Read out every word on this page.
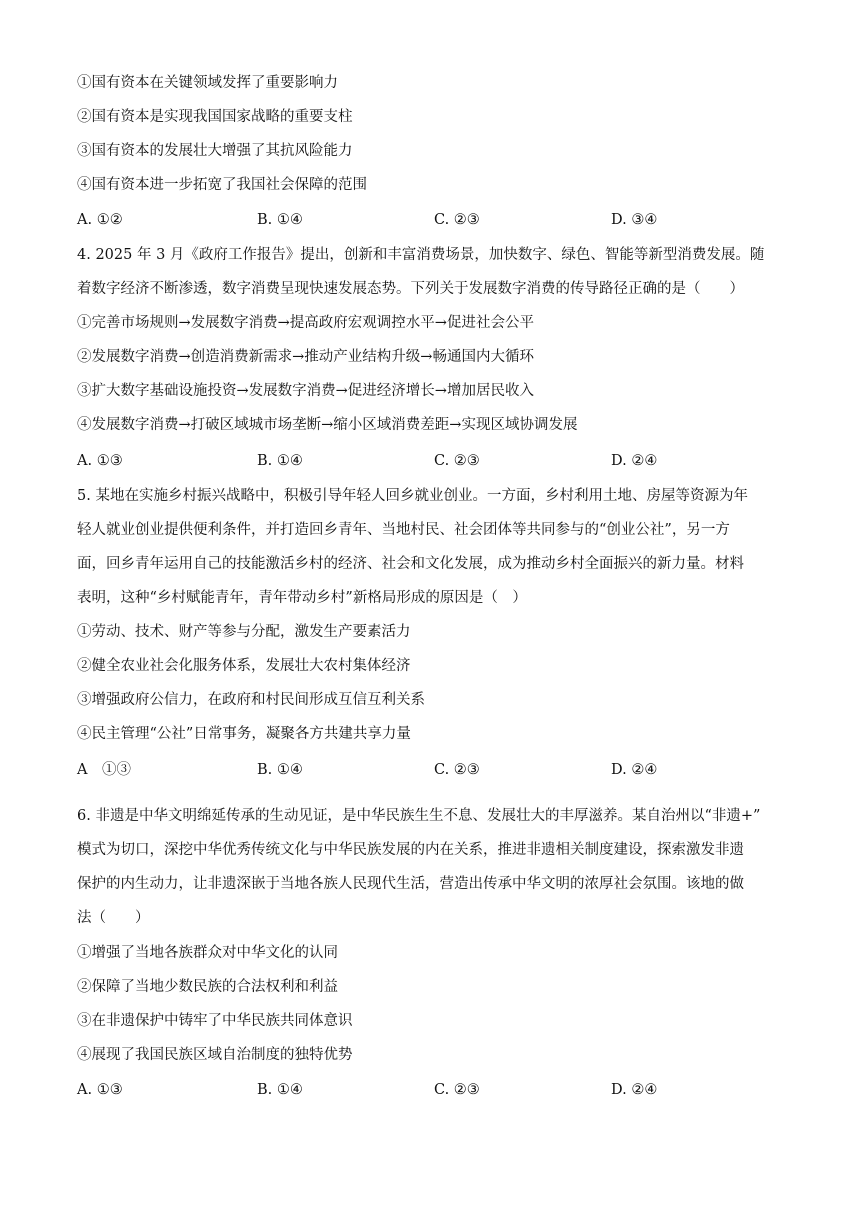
①国有资本在关键领域发挥了重要影响力
②国有资本是实现我国国家战略的重要支柱
③国有资本的发展壮大增强了其抗风险能力
④国有资本进一步拓宽了我国社会保障的范围
A. ①②	B. ①④	C. ②③	D. ③④
4. 2025 年 3 月《政府工作报告》提出，创新和丰富消费场景，加快数字、绿色、智能等新型消费发展。随
着数字经济不断渗透，数字消费呈现快速发展态势。下列关于发展数字消费的传导路径正确的是（　　）
①完善市场规则→发展数字消费→提高政府宏观调控水平→促进社会公平
②发展数字消费→创造消费新需求→推动产业结构升级→畅通国内大循环
③扩大数字基础设施投资→发展数字消费→促进经济增长→增加居民收入
④发展数字消费→打破区域城市场垄断→缩小区域消费差距→实现区域协调发展
A. ①③	B. ①④	C. ②③	D. ②④
5. 某地在实施乡村振兴战略中，积极引导年轻人回乡就业创业。一方面，乡村利用土地、房屋等资源为年
轻人就业创业提供便利条件，并打造回乡青年、当地村民、社会团体等共同参与的“创业公社”，另一方
面，回乡青年运用自己的技能激活乡村的经济、社会和文化发展，成为推动乡村全面振兴的新力量。材料
表明，这种“乡村赋能青年，青年带动乡村”新格局形成的原因是（　）
①劳动、技术、财产等参与分配，激发生产要素活力
②健全农业社会化服务体系，发展壮大农村集体经济
③增强政府公信力，在政府和村民间形成互信互利关系
④民主管理“公社”日常事务，凝聚各方共建共享力量
A　①③	B. ①④	C. ②③	D. ②④
6. 非遗是中华文明绵延传承的生动见证，是中华民族生生不息、发展壮大的丰厚滋养。某自治州以“非遗+”
模式为切口，深挖中华优秀传统文化与中华民族发展的内在关系，推进非遗相关制度建设，探索激发非遗
保护的内生动力，让非遗深嵌于当地各族人民现代生活，营造出传承中华文明的浓厚社会氛围。该地的做
法（　　）
①增强了当地各族群众对中华文化的认同
②保障了当地少数民族的合法权利和利益
③在非遗保护中铸牢了中华民族共同体意识
④展现了我国民族区域自治制度的独特优势
A. ①③	B. ①④	C. ②③	D. ②④
